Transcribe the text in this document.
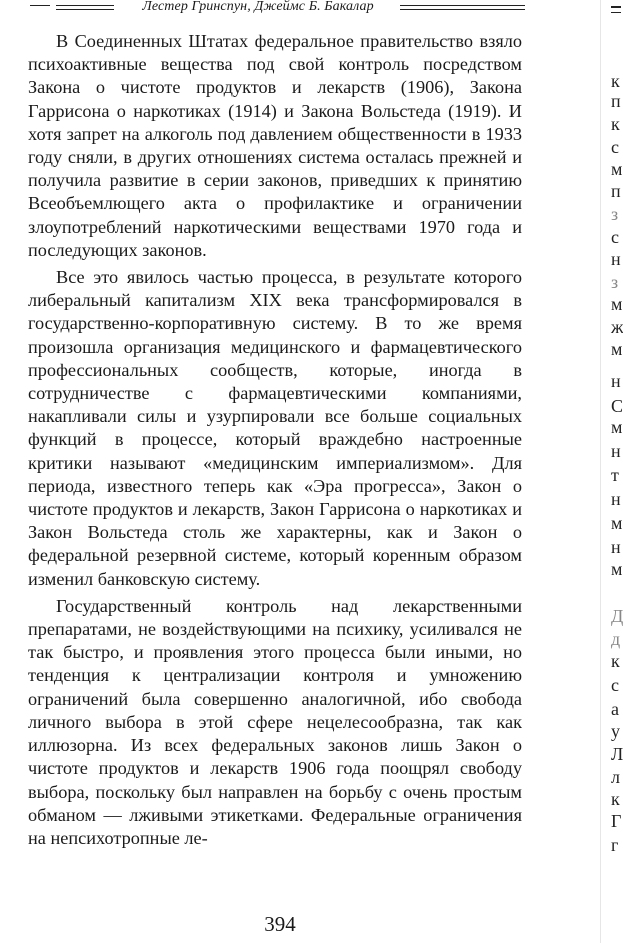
Лестер Гринспун, Джеймс Б. Бакалар

В Соединенных Штатах федеральное правительство взяло психоактивные вещества под свой контроль посредством Закона о чистоте продуктов и лекарств (1906), Закона Гаррисона о наркотиках (1914) и Закона Вольстеда (1919). И хотя запрет на алкоголь под давлением общественности в 1933 году сняли, в других отношениях система осталась прежней и получила развитие в серии законов, приведших к принятию Всеобъемлющего акта о профилактике и ограничении злоупотреблений наркотическими веществами 1970 года и последующих законов.

Все это явилось частью процесса, в результате которого либеральный капитализм XIX века трансформировался в государственно-корпоративную систему. В то же время произошла организация медицинского и фармацевтического профессиональных сообществ, которые, иногда в сотрудничестве с фармацевтическими компаниями, накапливали силы и узурпировали все больше социальных функций в процессе, который враждебно настроенные критики называют «медицинским империализмом». Для периода, известного теперь как «Эра прогресса», Закон о чистоте продуктов и лекарств, Закон Гаррисона о наркотиках и Закон Вольстеда столь же характерны, как и Закон о федеральной резервной системе, который коренным образом изменил банковскую систему.

Государственный контроль над лекарственными препаратами, не воздействующими на психику, усиливался не так быстро, и проявления этого процесса были иными, но тенденция к централизации контроля и умножению ограничений была совершенно аналогичной, ибо свобода личного выбора в этой сфере нецелесообразна, так как иллюзорна. Из всех федеральных законов лишь Закон о чистоте продуктов и лекарств 1906 года поощрял свободу выбора, поскольку был направлен на борьбу с очень простым обманом — лживыми этикетками. Федеральные ограничения на непсихотропные ле-

394
к
п
к
с
м
п
з
с
н
з
м
ж
м
н
С
м
н
т
н
м
н
м
Д
д
к
с
а
у
Л
л
к
Г
г
